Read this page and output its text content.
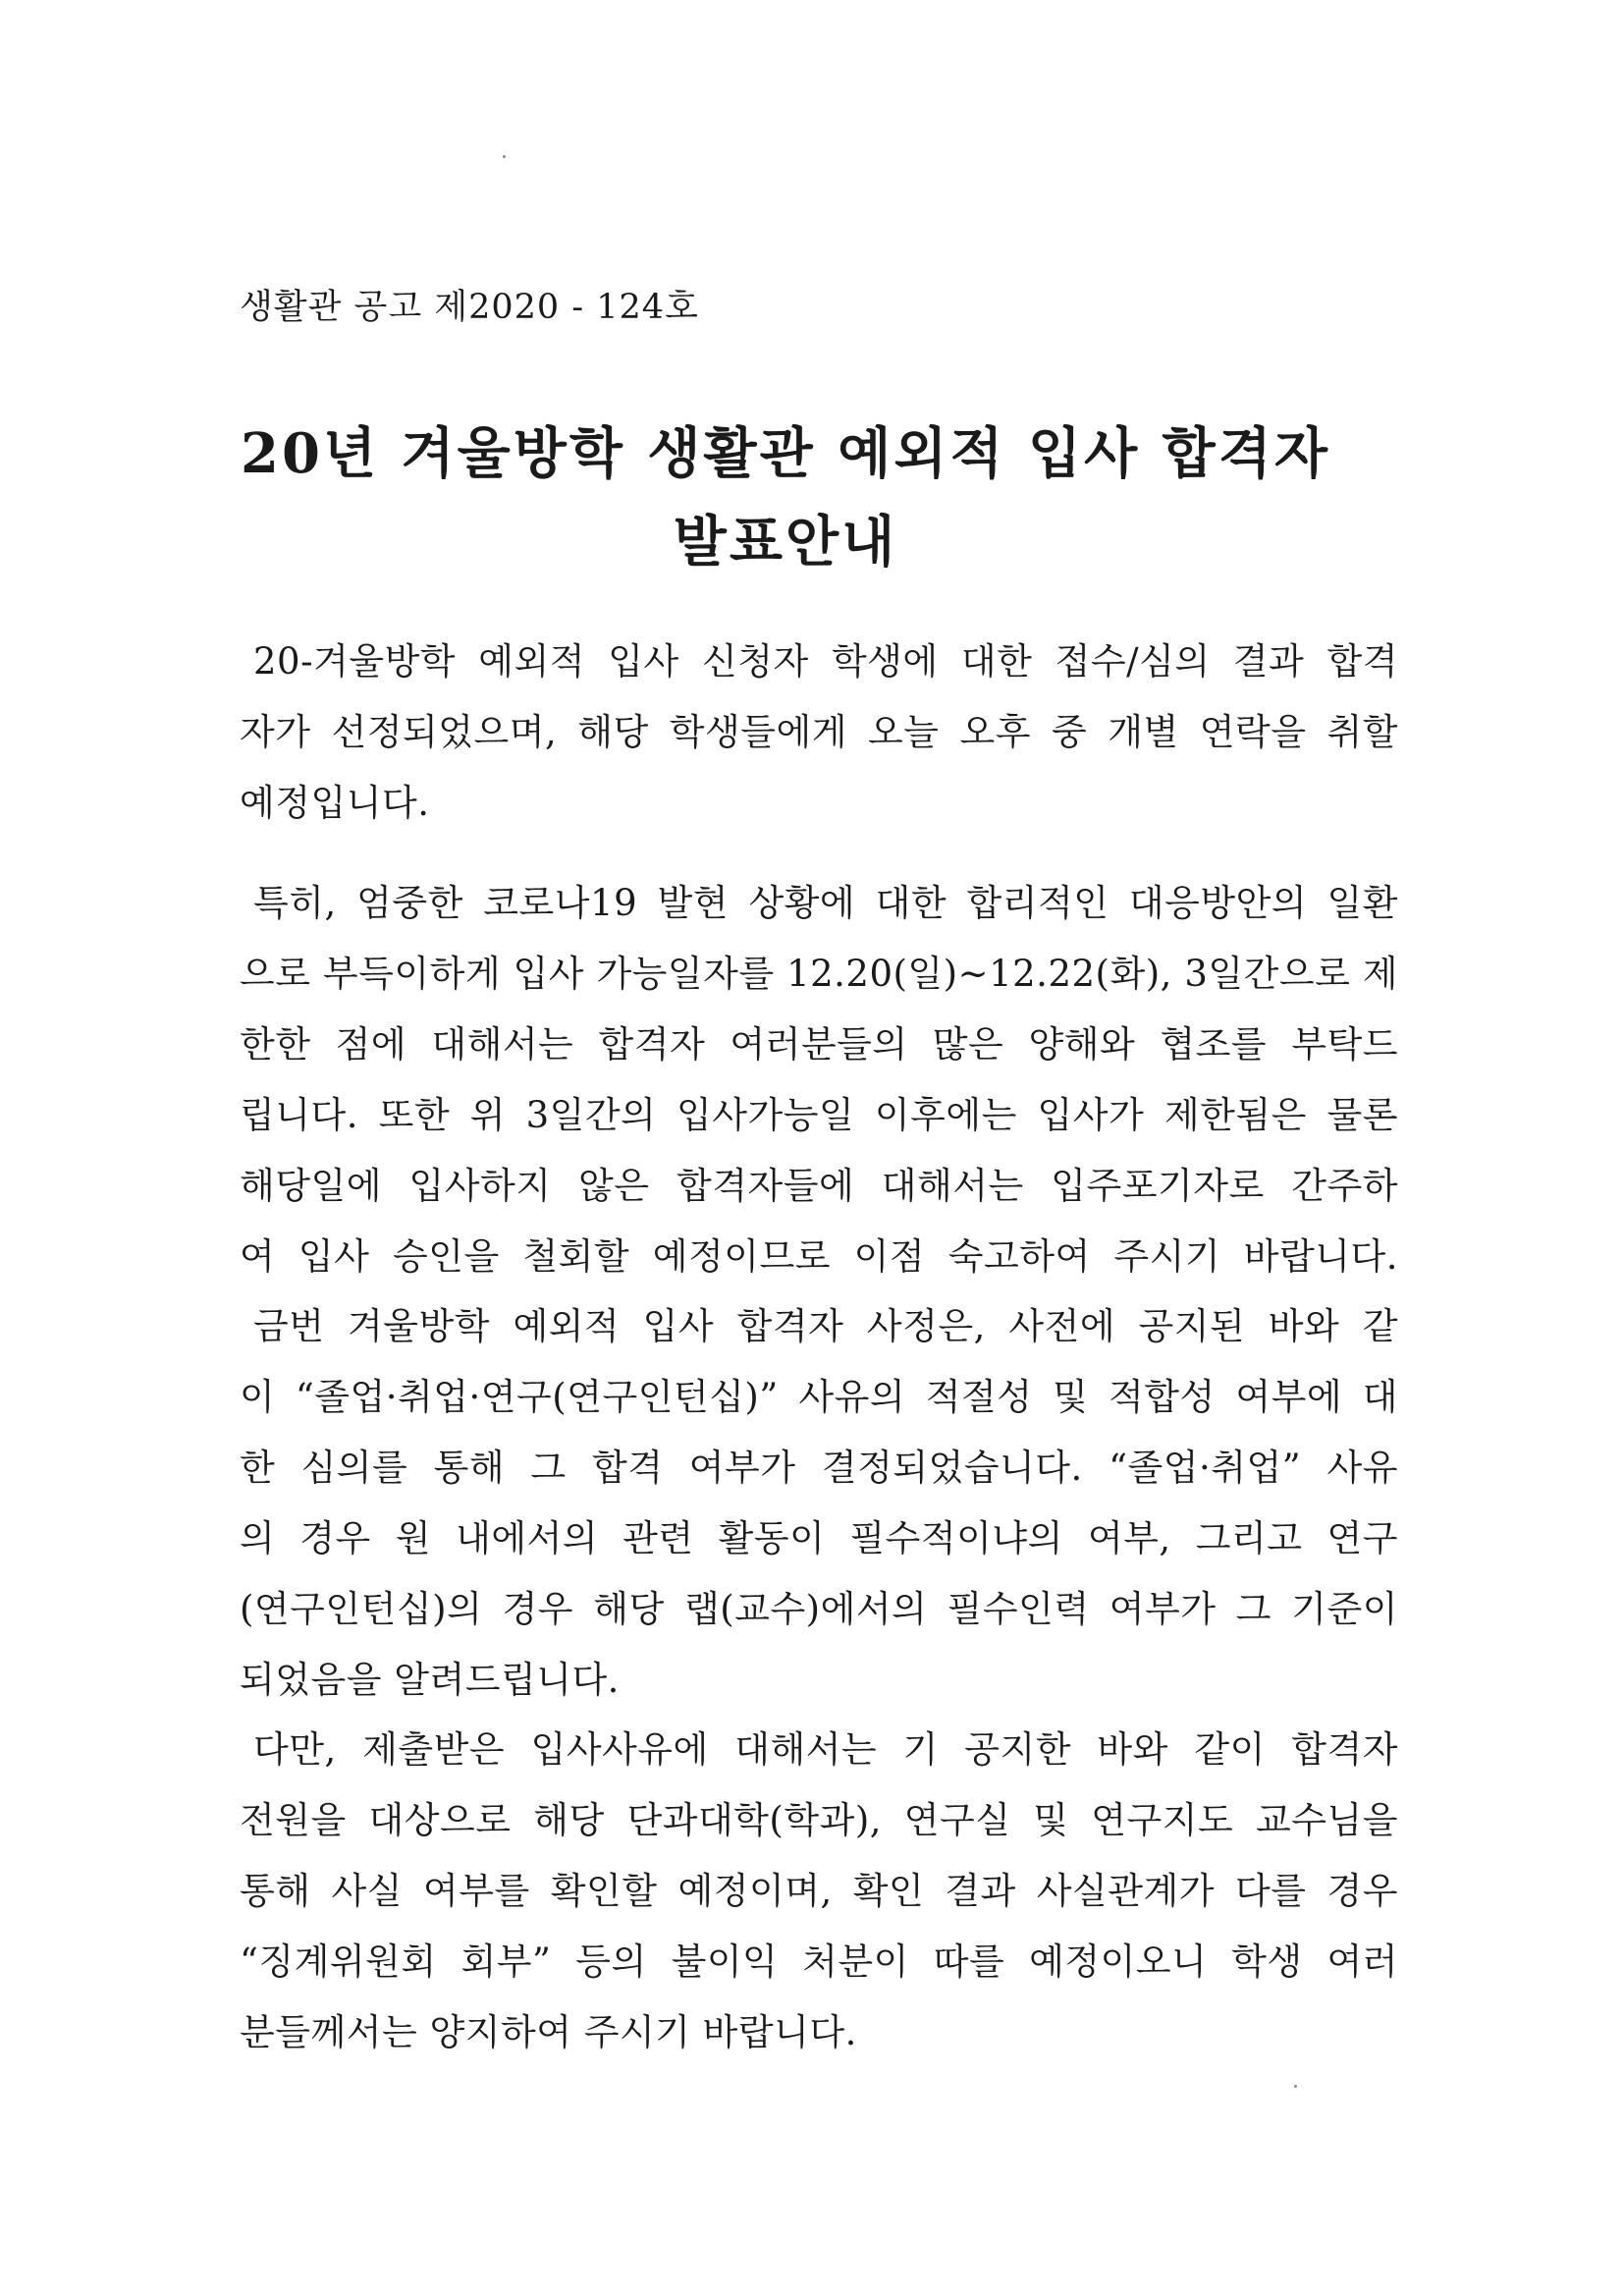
생활관 공고 제2020 - 124호
20년 겨울방학 생활관 예외적 입사 합격자
발표안내
20-겨울방학 예외적 입사 신청자 학생에 대한 접수/심의 결과 합격
자가 선정되었으며, 해당 학생들에게 오늘 오후 중 개별 연락을 취할
예정입니다.
특히, 엄중한 코로나19 발현 상황에 대한 합리적인 대응방안의 일환
으로 부득이하게 입사 가능일자를 12.20(일)~12.22(화), 3일간으로 제
한한 점에 대해서는 합격자 여러분들의 많은 양해와 협조를 부탁드
립니다. 또한 위 3일간의 입사가능일 이후에는 입사가 제한됨은 물론
해당일에 입사하지 않은 합격자들에 대해서는 입주포기자로 간주하
여 입사 승인을 철회할 예정이므로 이점 숙고하여 주시기 바랍니다.
금번 겨울방학 예외적 입사 합격자 사정은, 사전에 공지된 바와 같
이 “졸업·취업·연구(연구인턴십)” 사유의 적절성 및 적합성 여부에 대
한 심의를 통해 그 합격 여부가 결정되었습니다. “졸업·취업” 사유
의 경우 원 내에서의 관련 활동이 필수적이냐의 여부, 그리고 연구
(연구인턴십)의 경우 해당 랩(교수)에서의 필수인력 여부가 그 기준이
되었음을 알려드립니다.
다만, 제출받은 입사사유에 대해서는 기 공지한 바와 같이 합격자
전원을 대상으로 해당 단과대학(학과), 연구실 및 연구지도 교수님을
통해 사실 여부를 확인할 예정이며, 확인 결과 사실관계가 다를 경우
“징계위원회 회부” 등의 불이익 처분이 따를 예정이오니 학생 여러
분들께서는 양지하여 주시기 바랍니다.
